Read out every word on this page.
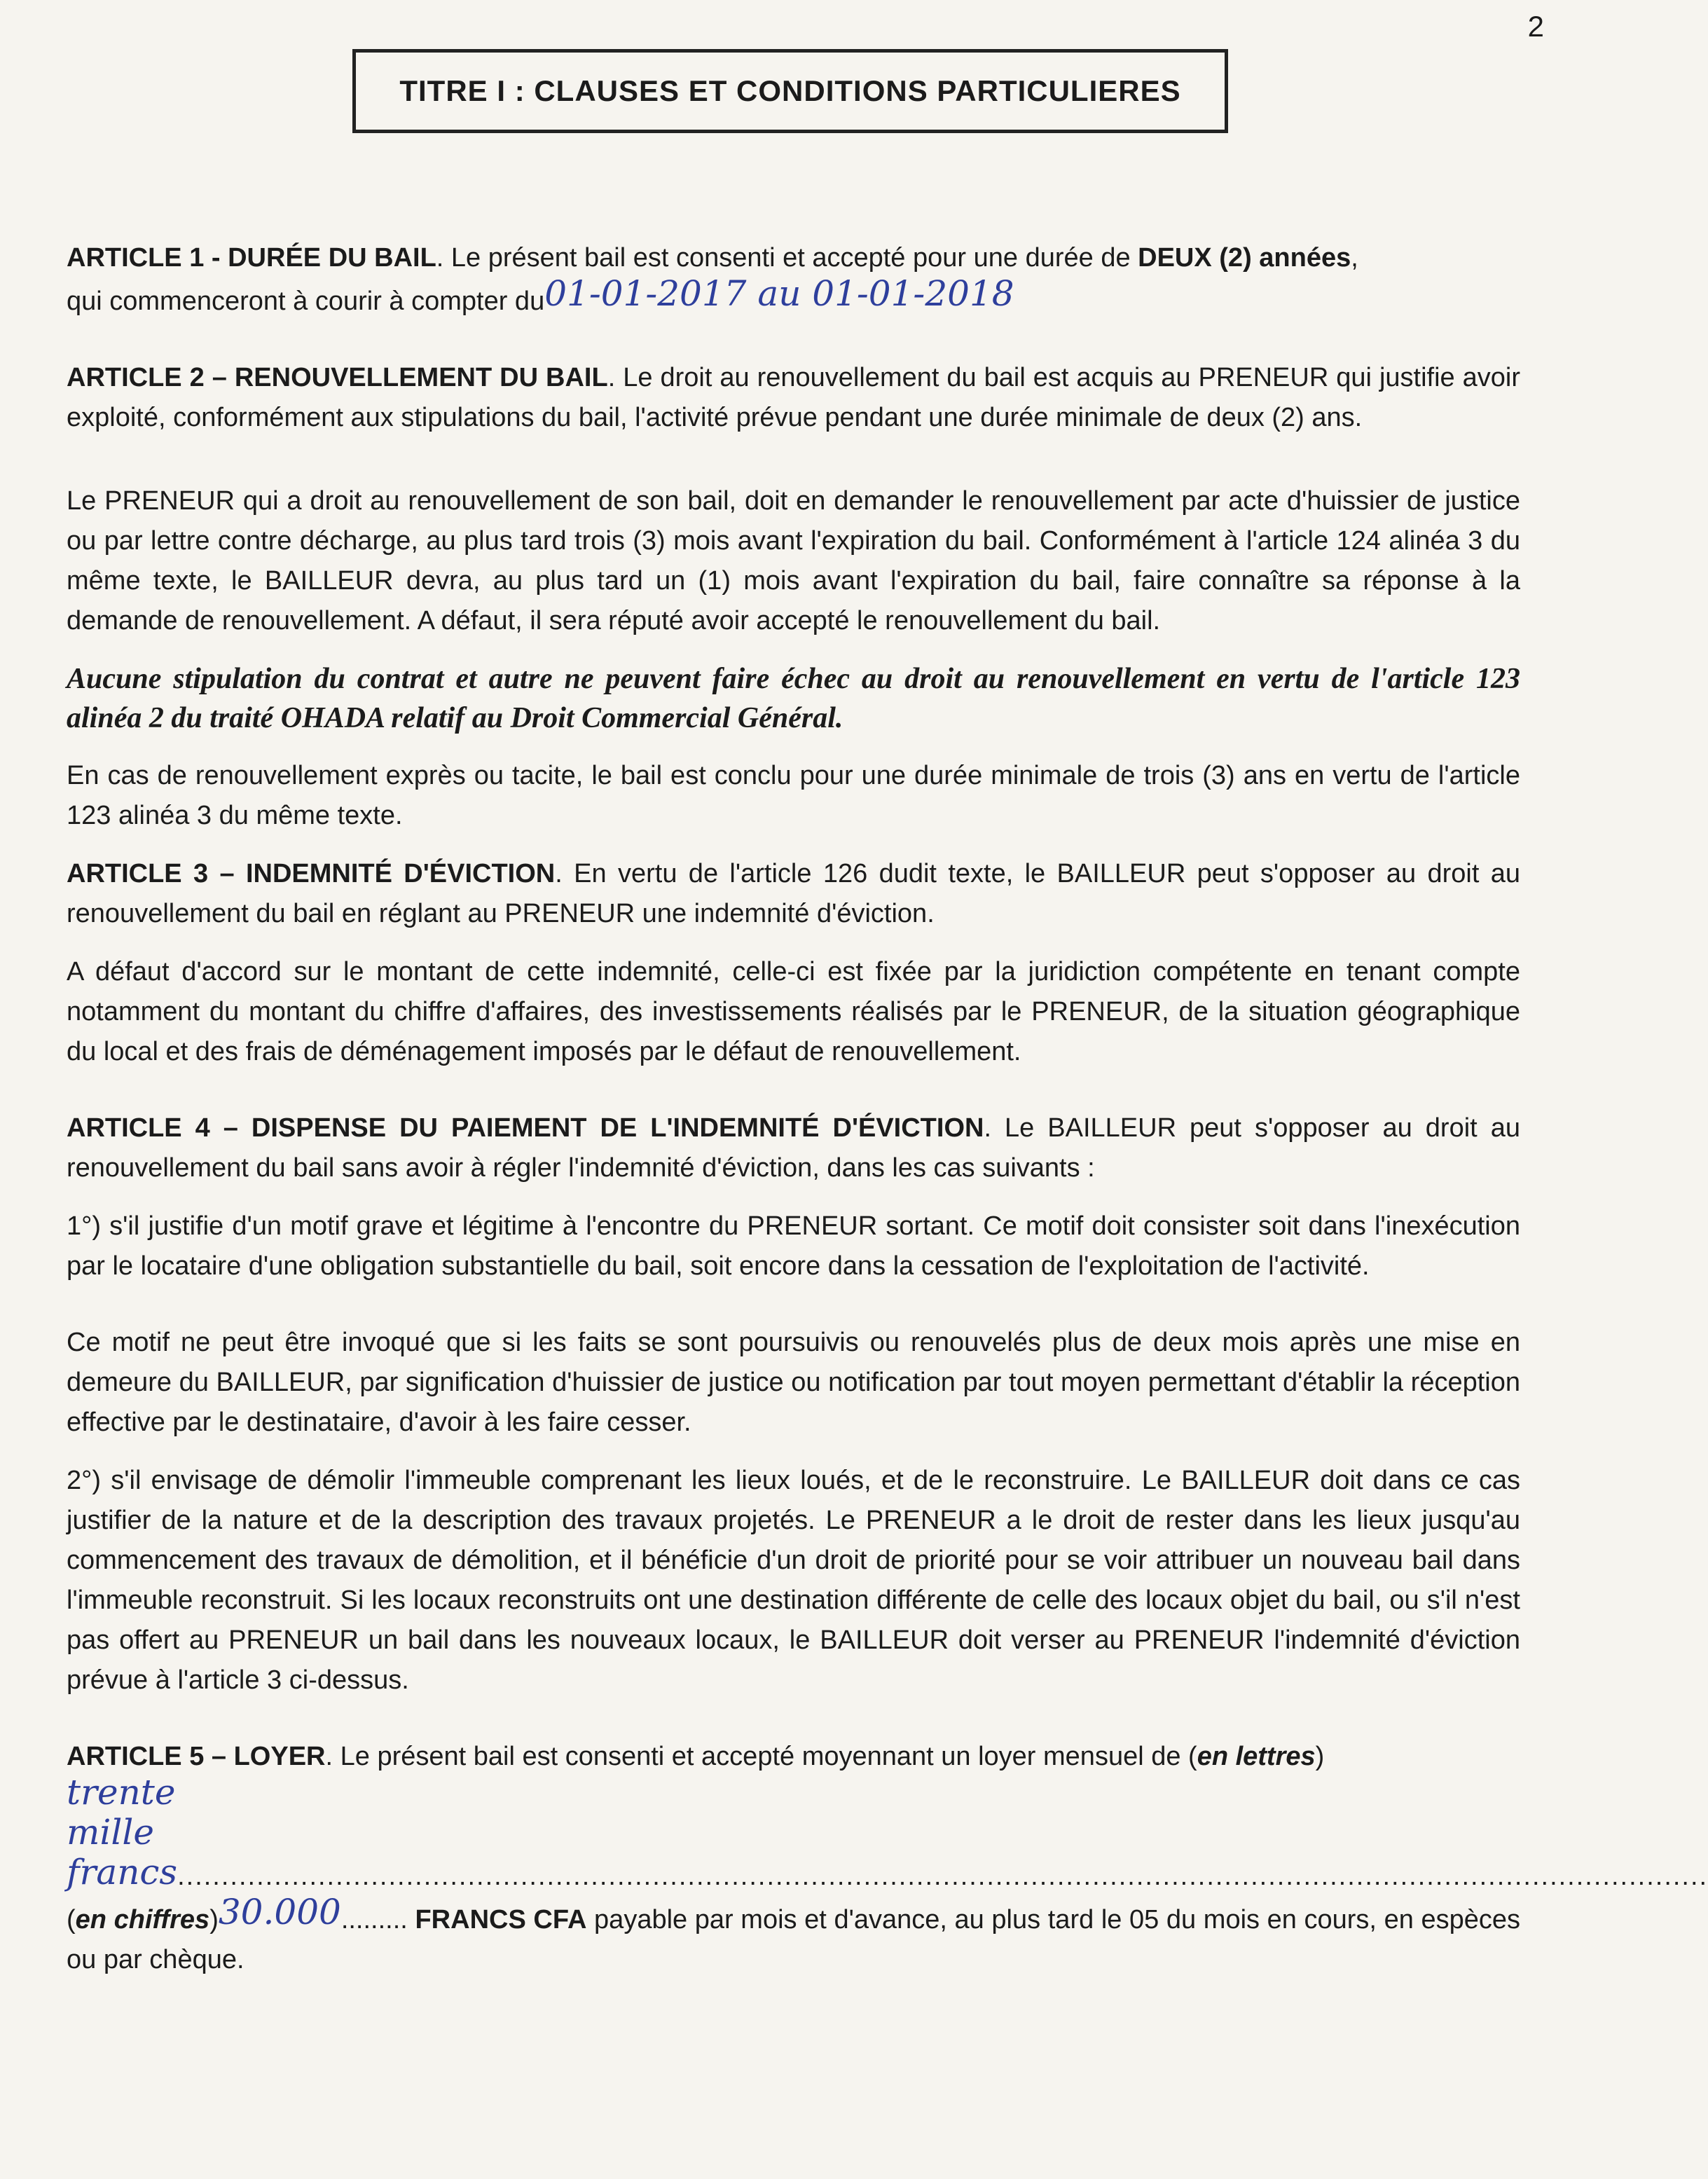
2
TITRE I : CLAUSES ET CONDITIONS PARTICULIERES

ARTICLE 1 - DURÉE DU BAIL. Le présent bail est consenti et accepté pour une durée de DEUX (2) années,
qui commenceront à courir à compter du01-01-2017 au 01-01-2018

ARTICLE 2 – RENOUVELLEMENT DU BAIL. Le droit au renouvellement du bail est acquis au PRENEUR qui justifie avoir exploité, conformément aux stipulations du bail, l'activité prévue pendant une durée minimale de deux (2) ans.

Le PRENEUR qui a droit au renouvellement de son bail, doit en demander le renouvellement par acte d'huissier de justice ou par lettre contre décharge, au plus tard trois (3) mois avant l'expiration du bail. Conformément à l'article 124 alinéa 3 du même texte, le BAILLEUR devra, au plus tard un (1) mois avant l'expiration du bail, faire connaître sa réponse à la demande de renouvellement. A défaut, il sera réputé avoir accepté le renouvellement du bail.

Aucune stipulation du contrat et autre ne peuvent faire échec au droit au renouvellement en vertu de l'article 123 alinéa 2 du traité OHADA relatif au Droit Commercial Général.

En cas de renouvellement exprès ou tacite, le bail est conclu pour une durée minimale de trois (3) ans en vertu de l'article 123 alinéa 3 du même texte.

ARTICLE 3 – INDEMNITÉ D'ÉVICTION. En vertu de l'article 126 dudit texte, le BAILLEUR peut s'opposer au droit au renouvellement du bail en réglant au PRENEUR une indemnité d'éviction.

A défaut d'accord sur le montant de cette indemnité, celle-ci est fixée par la juridiction compétente en tenant compte notamment du montant du chiffre d'affaires, des investissements réalisés par le PRENEUR, de la situation géographique du local et des frais de déménagement imposés par le défaut de renouvellement.

ARTICLE 4 – DISPENSE DU PAIEMENT DE L'INDEMNITÉ D'ÉVICTION. Le BAILLEUR peut s'opposer au droit au renouvellement du bail sans avoir à régler l'indemnité d'éviction, dans les cas suivants :

1°) s'il justifie d'un motif grave et légitime à l'encontre du PRENEUR sortant. Ce motif doit consister soit dans l'inexécution par le locataire d'une obligation substantielle du bail, soit encore dans la cessation de l'exploitation de l'activité.

Ce motif ne peut être invoqué que si les faits se sont poursuivis ou renouvelés plus de deux mois après une mise en demeure du BAILLEUR, par signification d'huissier de justice ou notification par tout moyen permettant d'établir la réception effective par le destinataire, d'avoir à les faire cesser.

2°) s'il envisage de démolir l'immeuble comprenant les lieux loués, et de le reconstruire. Le BAILLEUR doit dans ce cas justifier de la nature et de la description des travaux projetés. Le PRENEUR a le droit de rester dans les lieux jusqu'au commencement des travaux de démolition, et il bénéficie d'un droit de priorité pour se voir attribuer un nouveau bail dans l'immeuble reconstruit. Si les locaux reconstruits ont une destination différente de celle des locaux objet du bail, ou s'il n'est pas offert au PRENEUR un bail dans les nouveaux locaux, le BAILLEUR doit verser au PRENEUR l'indemnité d'éviction prévue à l'article 3 ci-dessus.

ARTICLE 5 – LOYER. Le présent bail est consenti et accepté moyennant un loyer mensuel de (en lettres)

trente mille francs ..............................................................................................................................................................................

(en chiffres)30.000......... FRANCS CFA payable par mois et d'avance, au plus tard le 05 du mois en cours, en espèces ou par chèque.
